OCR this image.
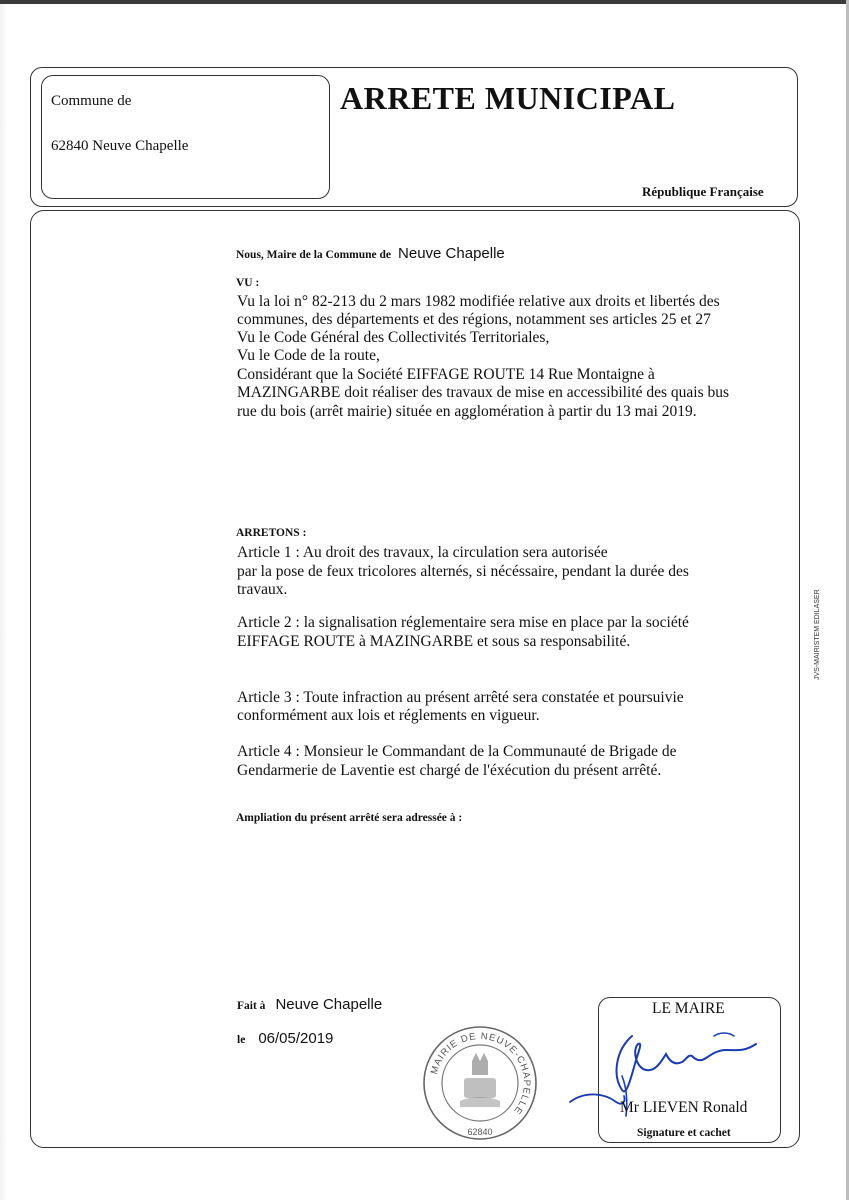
Commune de
62840 Neuve Chapelle
ARRETE MUNICIPAL
République Française
Nous, Maire de la Commune de Neuve Chapelle
VU :
Vu la loi n° 82-213 du 2 mars 1982 modifiée relative aux droits et libertés des
communes, des départements et des régions, notamment ses articles 25 et 27
Vu le Code Général des Collectivités Territoriales,
Vu le Code de la route,
Considérant que la Société EIFFAGE ROUTE 14 Rue Montaigne à
MAZINGARBE doit réaliser des travaux de mise en accessibilité des quais bus
rue du bois (arrêt mairie) située en agglomération à partir du 13 mai 2019.
ARRETONS :
Article 1 : Au droit des travaux, la circulation sera autorisée
par la pose de feux tricolores alternés, si nécéssaire, pendant la durée des
travaux.
Article 2 : la signalisation réglementaire sera mise en place par la société
EIFFAGE ROUTE à MAZINGARBE et sous sa responsabilité.
Article 3 : Toute infraction au présent arrêté sera constatée et poursuivie
conformément aux lois et réglements en vigueur.
Article 4 : Monsieur le Commandant de la Communauté de Brigade de
Gendarmerie de Laventie est chargé de l'éxécution du présent arrêté.
Ampliation du présent arrêté sera adressée à :
Fait à Neuve Chapelle
le 06/05/2019
MAIRIE DE NEUVE-CHAPELLE
62840
LE MAIRE
Mr LIEVEN Ronald
Signature et cachet
JVS-MAIRISTEM EDILASER
